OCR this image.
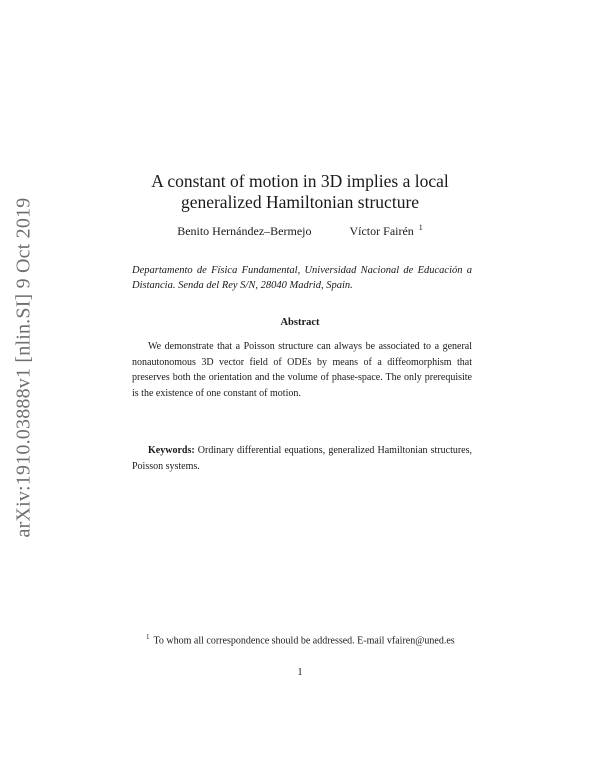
arXiv:1910.03888v1 [nlin.SI] 9 Oct 2019
A constant of motion in 3D implies a local
generalized Hamiltonian structure
Benito Hernández–Bermejo	Víctor Fairén $^1$
Departamento de Física Fundamental, Universidad Nacional de Educación a Distancia. Senda del Rey S/N, 28040 Madrid, Spain.
Abstract
We demonstrate that a Poisson structure can always be associated to a general nonautonomous 3D vector field of ODEs by means of a diffeomorphism that preserves both the orientation and the volume of phase-space. The only prerequisite is the existence of one constant of motion.
Keywords: Ordinary differential equations, generalized Hamiltonian structures, Poisson systems.
$^1$ To whom all correspondence should be addressed. E-mail vfairen@uned.es
1
